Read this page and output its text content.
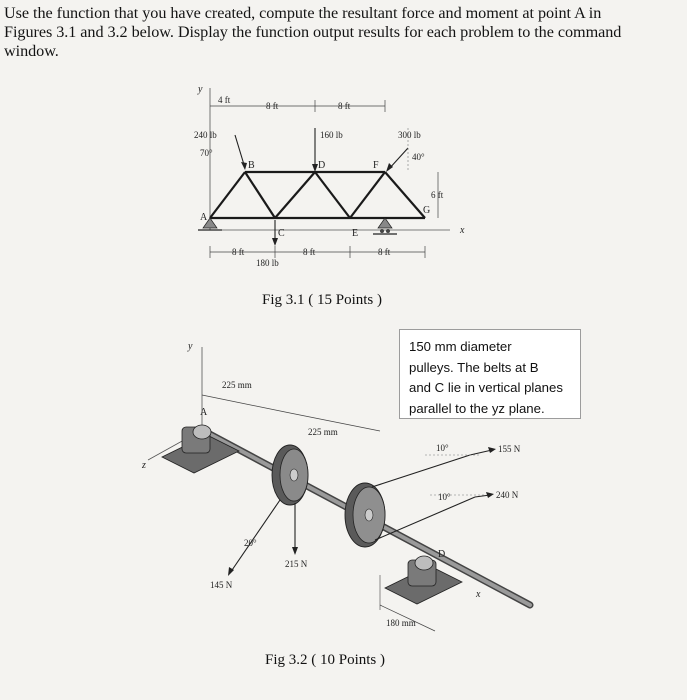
Use the function that you have created, compute the resultant force and moment at point A in
Figures 3.1 and 3.2 below. Display the function output results for each problem to the command
window.
y
x
4 ft
8 ft	8 ft
A
B
C
D
E
F
G
240 lb
70°
160 lb	300 lb
40°
6 ft
8 ft	8 ft	8 ft
180 lb
Fig 3.1 ( 15 Points )
y
z
225 mm
225 mm
A
215 N
145 N
20°
10°	155 N
10°	240 N
D
x
180 mm
150 mm diameter
pulleys. The belts at B
and C lie in vertical planes
parallel to the yz plane.
Fig 3.2 ( 10 Points )
